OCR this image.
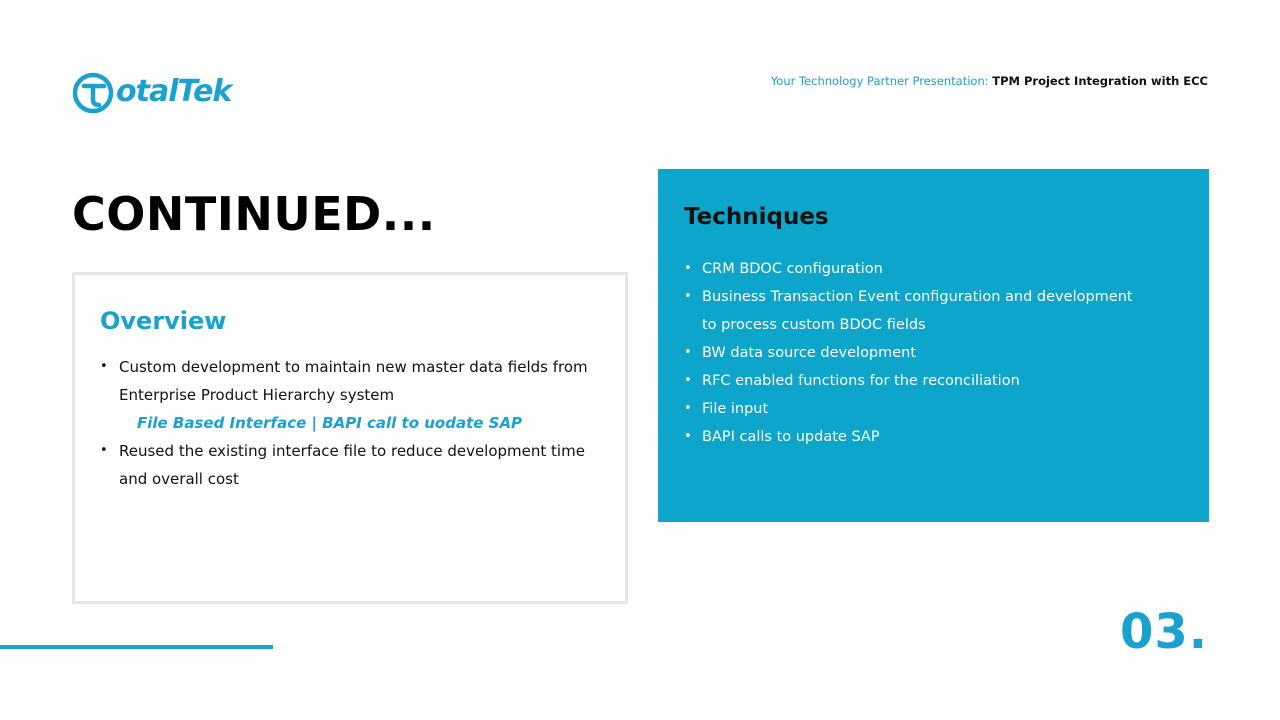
otalTek	Your Technology Partner Presentation: TPM Project Integration with ECC
CONTINUED...
Overview
• Custom development to maintain new master data fields from
Enterprise Product Hierarchy system
File Based Interface | BAPI call to uodate SAP
• Reused the existing interface file to reduce development time
and overall cost
Techniques
• CRM BDOC configuration
• Business Transaction Event configuration and development
to process custom BDOC fields
• BW data source development
• RFC enabled functions for the reconciliation
• File input
• BAPI calls to update SAP
03.
